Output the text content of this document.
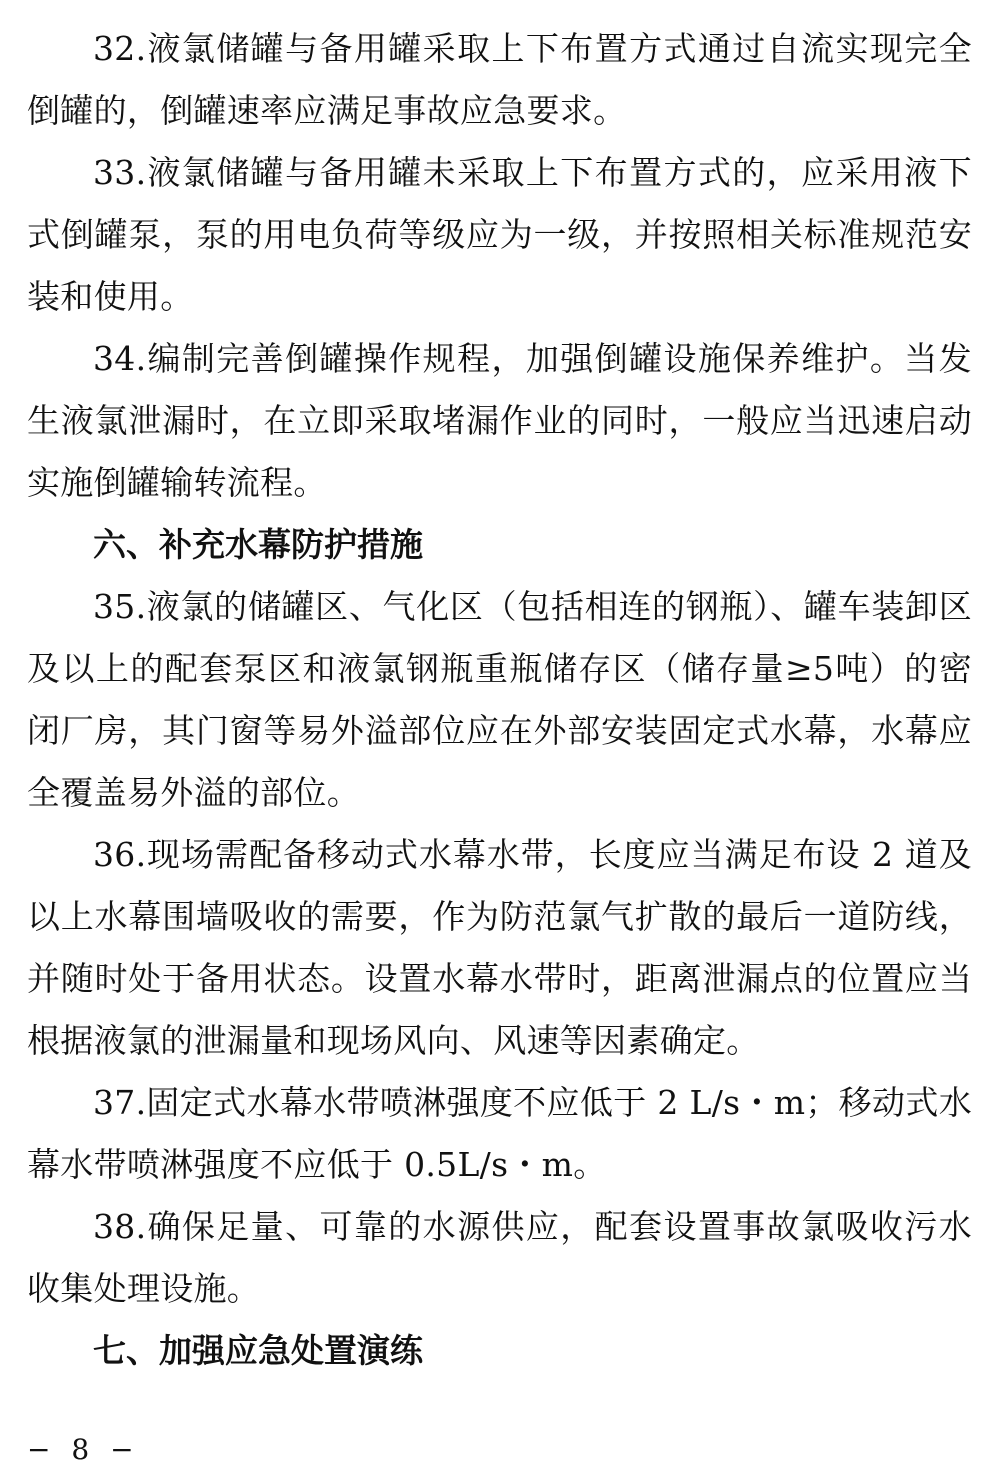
32.液氯储罐与备用罐采取上下布置方式通过自流实现完全倒罐的，倒罐速率应满足事故应急要求。

33.液氯储罐与备用罐未采取上下布置方式的，应采用液下式倒罐泵，泵的用电负荷等级应为一级，并按照相关标准规范安装和使用。

34.编制完善倒罐操作规程，加强倒罐设施保养维护。当发生液氯泄漏时，在立即采取堵漏作业的同时，一般应当迅速启动实施倒罐输转流程。

六、补充水幕防护措施

35.液氯的储罐区、气化区（包括相连的钢瓶）、罐车装卸区及以上的配套泵区和液氯钢瓶重瓶储存区（储存量≥5吨）的密闭厂房，其门窗等易外溢部位应在外部安装固定式水幕，水幕应全覆盖易外溢的部位。

36.现场需配备移动式水幕水带，长度应当满足布设 2 道及以上水幕围墙吸收的需要，作为防范氯气扩散的最后一道防线，并随时处于备用状态。设置水幕水带时，距离泄漏点的位置应当根据液氯的泄漏量和现场风向、风速等因素确定。

37.固定式水幕水带喷淋强度不应低于 2 L/s・m；移动式水幕水带喷淋强度不应低于 0.5L/s・m。

38.确保足量、可靠的水源供应，配套设置事故氯吸收污水收集处理设施。

七、加强应急处置演练

− 8 −
